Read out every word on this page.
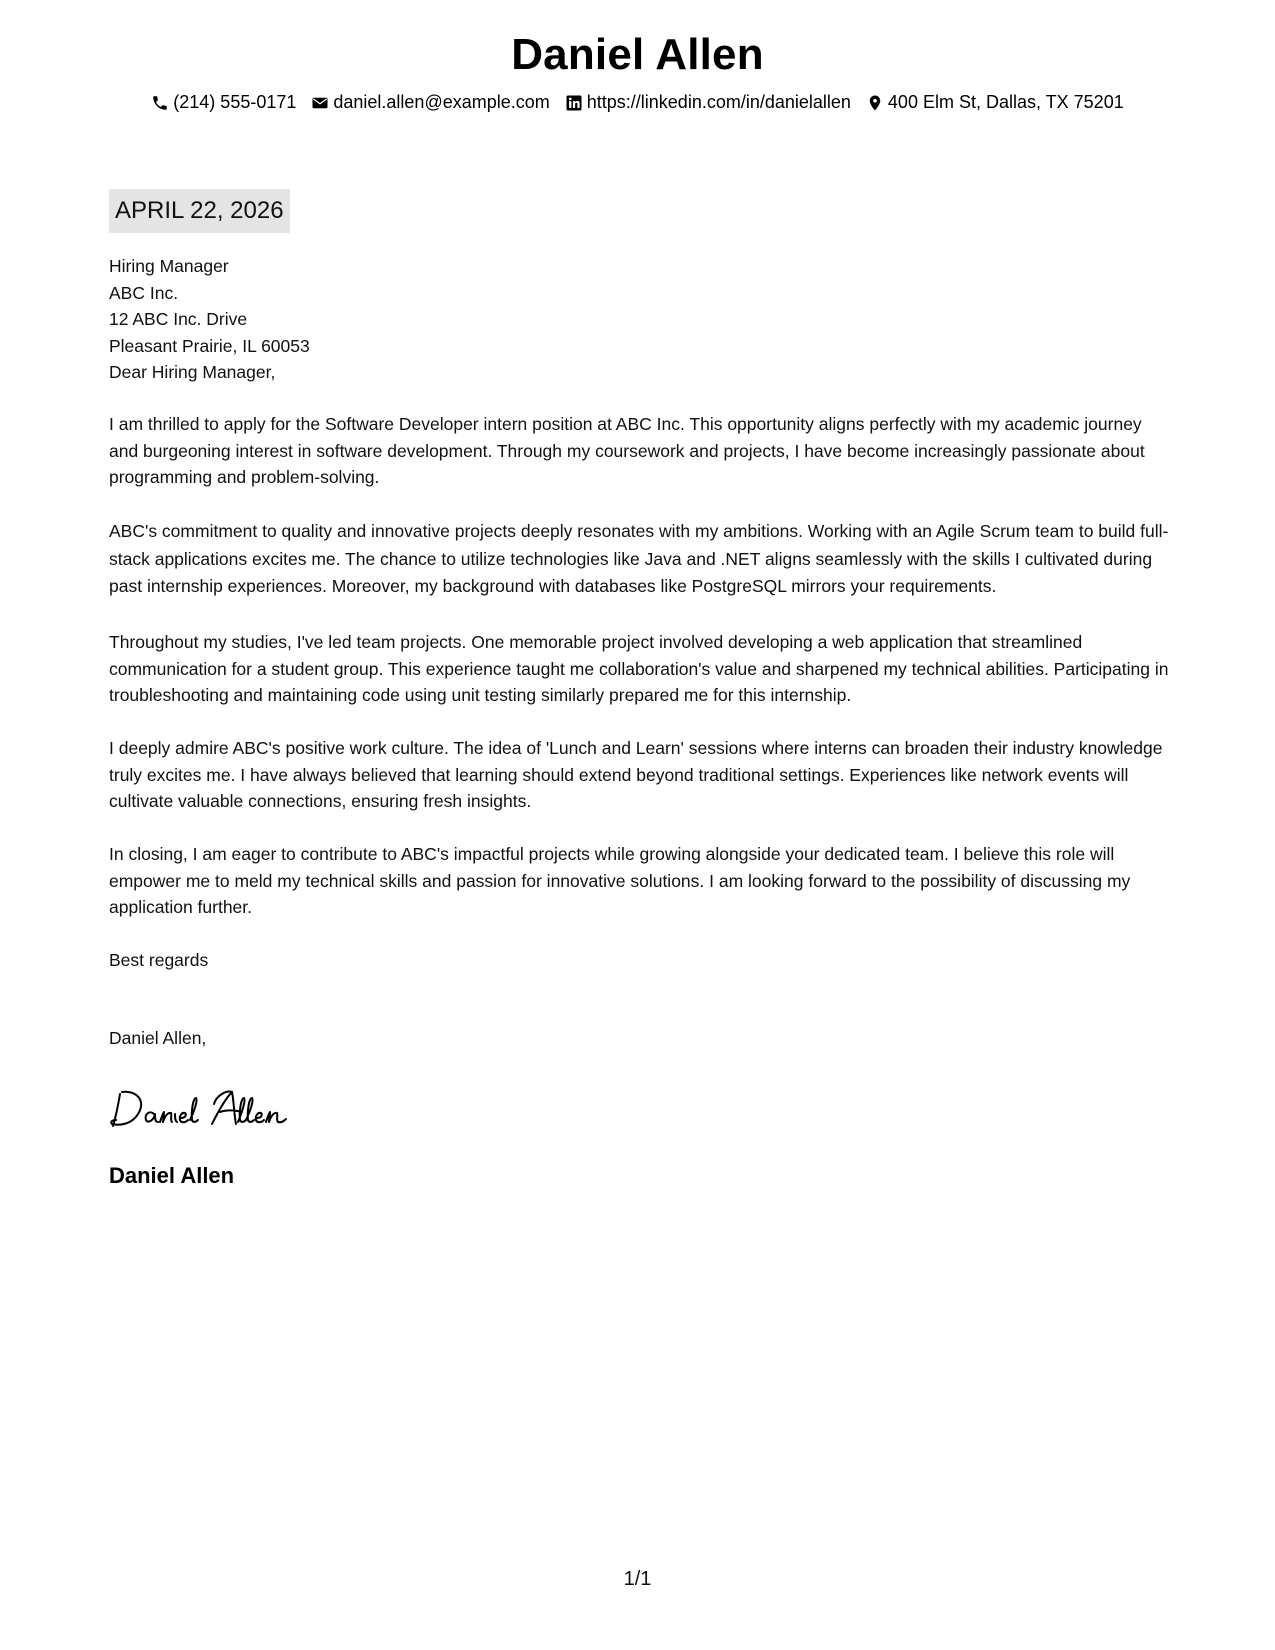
Daniel Allen
(214) 555-0171 daniel.allen@example.com https://linkedin.com/in/danielallen 400 Elm St, Dallas, TX 75201
APRIL 22, 2026
Hiring Manager
ABC Inc.
12 ABC Inc. Drive
Pleasant Prairie, IL 60053
Dear Hiring Manager,

I am thrilled to apply for the Software Developer intern position at ABC Inc. This opportunity aligns perfectly with my academic journey and burgeoning interest in software development. Through my coursework and projects, I have become increasingly passionate about programming and problem-solving.

ABC's commitment to quality and innovative projects deeply resonates with my ambitions. Working with an Agile Scrum team to build full-stack applications excites me. The chance to utilize technologies like Java and .NET aligns seamlessly with the skills I cultivated during past internship experiences. Moreover, my background with databases like PostgreSQL mirrors your requirements.

Throughout my studies, I've led team projects. One memorable project involved developing a web application that streamlined communication for a student group. This experience taught me collaboration's value and sharpened my technical abilities. Participating in troubleshooting and maintaining code using unit testing similarly prepared me for this internship.

I deeply admire ABC's positive work culture. The idea of 'Lunch and Learn' sessions where interns can broaden their industry knowledge truly excites me. I have always believed that learning should extend beyond traditional settings. Experiences like network events will cultivate valuable connections, ensuring fresh insights.

In closing, I am eager to contribute to ABC's impactful projects while growing alongside your dedicated team. I believe this role will empower me to meld my technical skills and passion for innovative solutions. I am looking forward to the possibility of discussing my application further.

Best regards
Daniel Allen,
Daniel Allen
1/1
